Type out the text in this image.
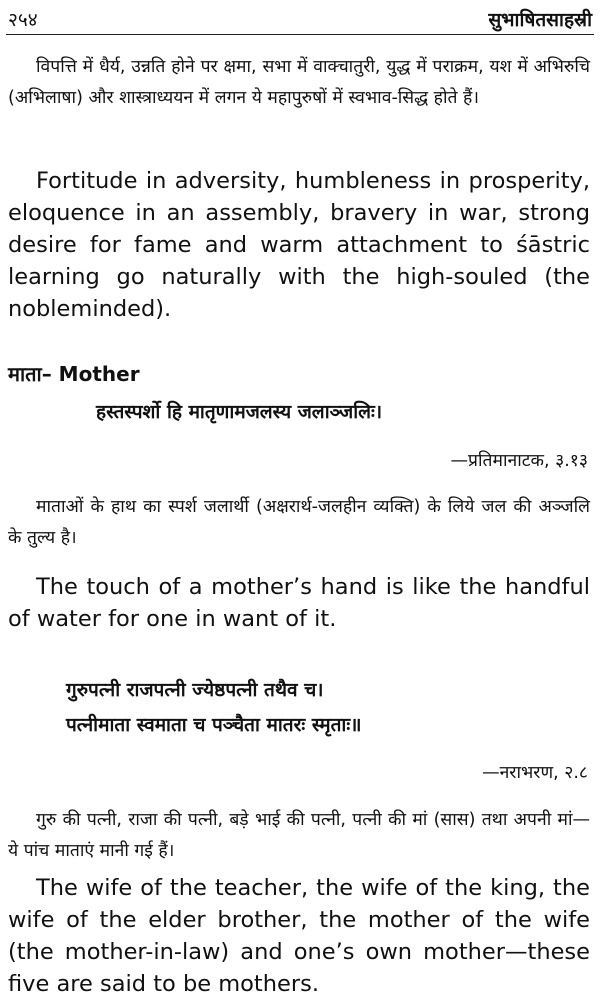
२५४	सुभाषितसाहस्री

विपत्ति में धैर्य, उन्नति होने पर क्षमा, सभा में वाक्चातुरी, युद्ध में पराक्रम, यश में अभिरुचि (अभिलाषा) और शास्त्राध्ययन में लगन ये महापुरुषों में स्वभाव-सिद्ध होते हैं।

Fortitude in adversity, humbleness in prosperity, eloquence in an assembly, bravery in war, strong desire for fame and warm attachment to śāstric learning go naturally with the high-souled (the nobleminded).

माता– Mother
हस्तस्पर्शो हि मातृणामजलस्य जलाञ्जलिः।
—प्रतिमानाटक, ३.१३

माताओं के हाथ का स्पर्श जलार्थी (अक्षरार्थ-जलहीन व्यक्ति) के लिये जल की अञ्जलि के तुल्य है।

The touch of a mother’s hand is like the handful of water for one in want of it.

गुरुपत्नी राजपत्नी ज्येष्ठपत्नी तथैव च।
पत्नीमाता स्वमाता च पञ्चैता मातरः स्मृताः॥
—नराभरण, २.८

गुरु की पत्नी, राजा की पत्नी, बड़े भाई की पत्नी, पत्नी की मां (सास) तथा अपनी मां— ये पांच माताएं मानी गई हैं।

The wife of the teacher, the wife of the king, the wife of the elder brother, the mother of the wife (the mother-in-law) and one’s own mother—these five are said to be mothers.
